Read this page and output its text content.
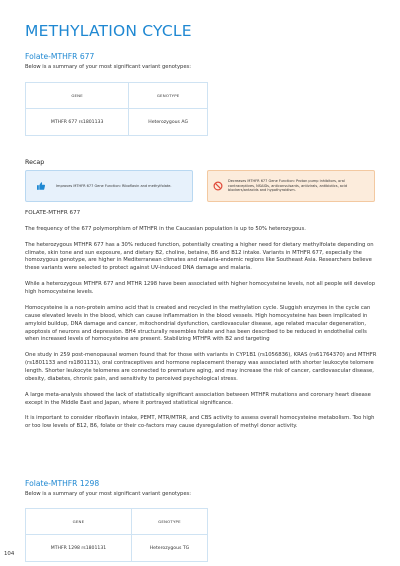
METHYLATION CYCLE
Folate-MTHFR 677
Below is a summary of your most significant variant genotypes:
GENE	GENOTYPE
MTHFR 677 rs1801133	Heterozygous AG
Recap
Improves MTHFR 677 Gene Function: Riboflavin and methylfolate.
Decreases MTHFR 677 Gene Function: Proton pump inhibitors, oral contraceptives, NSAIDs, anticonvulsants, antivirals, antibiotics, acid blockers/antacids and hypothyroidism.

FOLATE-MTHFR 677

The frequency of the 677 polymorphism of MTHFR in the Caucasian population is up to 50% heterozygous.

The heterozygous MTHFR 677 has a 30% reduced function, potentially creating a higher need for dietary methylfolate depending on climate, skin tone and sun exposure, and dietary B2, choline, betaine, B6 and B12 intake. Variants in MTHFR 677, especially the homozygous genotype, are higher in Mediterranean climates and malaria-endemic regions like Southeast Asia. Researchers believe these variants were selected to protect against UV-induced DNA damage and malaria.

While a heterozygous MTHFR 677 and MTHR 1298 have been associated with higher homocysteine levels, not all people will develop high homocysteine levels.

Homocysteine is a non-protein amino acid that is created and recycled in the methylation cycle. Sluggish enzymes in the cycle can cause elevated levels in the blood, which can cause inflammation in the blood vessels. High homocysteine has been implicated in amyloid buildup, DNA damage and cancer, mitochondrial dysfunction, cardiovascular disease, age related macular degeneration, apoptosis of neurons and depression. BH4 structurally resembles folate and has been described to be reduced in endothelial cells when increased levels of homocysteine are present. Stabilizing MTHFR with B2 and targeting

One study in 259 post-menopausal women found that for those with variants in CYP1B1 (rs1056836), KRAS (rs61764370) and MTHFR (rs1801133 and rs1801131), oral contraceptives and hormone replacement therapy was associated with shorter leukocyte telomere length. Shorter leukocyte telomeres are connected to premature aging, and may increase the risk of cancer, cardiovascular disease, obesity, diabetes, chronic pain, and sensitivity to perceived psychological stress.

A large meta-analysis showed the lack of statistically significant association between MTHFR mutations and coronary heart disease except in the Middle East and Japan, where it portrayed statistical significance.

It is important to consider riboflavin intake, PEMT, MTR/MTRR, and CBS activity to assess overall homocysteine metabolism. Too high or too low levels of B12, B6, folate or their co-factors may cause dysregulation of methyl donor activity.

Folate-MTHFR 1298
Below is a summary of your most significant variant genotypes:
GENE	GENOTYPE
MTHFR 1298 rs1801131	Heterozygous TG
104
